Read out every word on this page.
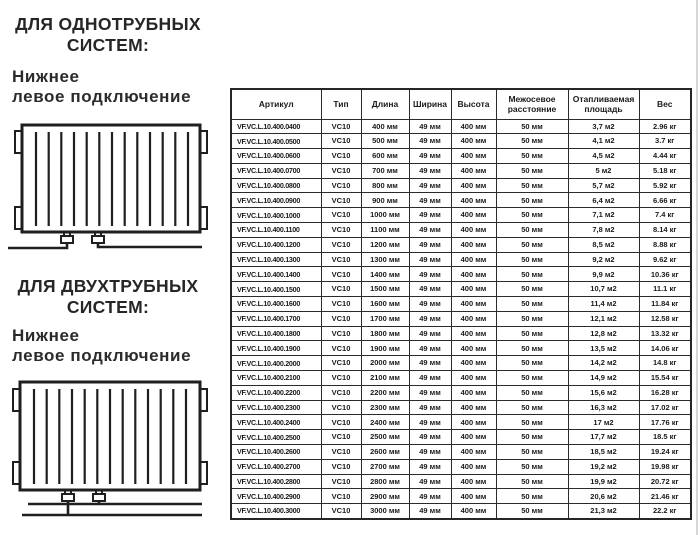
ДЛЯ ОДНОТРУБНЫХ
СИСТЕМ:
Нижнее
левое подключение
ДЛЯ ДВУХТРУБНЫХ
СИСТЕМ:
Нижнее
левое подключение
Артикул	Тип	Длина	Ширина	Высота	Межосевое расстояние	Отапливаемая площадь	Вес
VF.VC.L.10.400.0400	VC10	400 мм	49 мм	400 мм	50 мм	3,7 м2	2.96 кг
VF.VC.L.10.400.0500	VC10	500 мм	49 мм	400 мм	50 мм	4,1 м2	3.7 кг
VF.VC.L.10.400.0600	VC10	600 мм	49 мм	400 мм	50 мм	4,5 м2	4.44 кг
VF.VC.L.10.400.0700	VC10	700 мм	49 мм	400 мм	50 мм	5 м2	5.18 кг
VF.VC.L.10.400.0800	VC10	800 мм	49 мм	400 мм	50 мм	5,7 м2	5.92 кг
VF.VC.L.10.400.0900	VC10	900 мм	49 мм	400 мм	50 мм	6,4 м2	6.66 кг
VF.VC.L.10.400.1000	VC10	1000 мм	49 мм	400 мм	50 мм	7,1 м2	7.4 кг
VF.VC.L.10.400.1100	VC10	1100 мм	49 мм	400 мм	50 мм	7,8 м2	8.14 кг
VF.VC.L.10.400.1200	VC10	1200 мм	49 мм	400 мм	50 мм	8,5 м2	8.88 кг
VF.VC.L.10.400.1300	VC10	1300 мм	49 мм	400 мм	50 мм	9,2 м2	9.62 кг
VF.VC.L.10.400.1400	VC10	1400 мм	49 мм	400 мм	50 мм	9,9 м2	10.36 кг
VF.VC.L.10.400.1500	VC10	1500 мм	49 мм	400 мм	50 мм	10,7 м2	11.1 кг
VF.VC.L.10.400.1600	VC10	1600 мм	49 мм	400 мм	50 мм	11,4 м2	11.84 кг
VF.VC.L.10.400.1700	VC10	1700 мм	49 мм	400 мм	50 мм	12,1 м2	12.58 кг
VF.VC.L.10.400.1800	VC10	1800 мм	49 мм	400 мм	50 мм	12,8 м2	13.32 кг
VF.VC.L.10.400.1900	VC10	1900 мм	49 мм	400 мм	50 мм	13,5 м2	14.06 кг
VF.VC.L.10.400.2000	VC10	2000 мм	49 мм	400 мм	50 мм	14,2 м2	14.8 кг
VF.VC.L.10.400.2100	VC10	2100 мм	49 мм	400 мм	50 мм	14,9 м2	15.54 кг
VF.VC.L.10.400.2200	VC10	2200 мм	49 мм	400 мм	50 мм	15,6 м2	16.28 кг
VF.VC.L.10.400.2300	VC10	2300 мм	49 мм	400 мм	50 мм	16,3 м2	17.02 кг
VF.VC.L.10.400.2400	VC10	2400 мм	49 мм	400 мм	50 мм	17 м2	17.76 кг
VF.VC.L.10.400.2500	VC10	2500 мм	49 мм	400 мм	50 мм	17,7 м2	18.5 кг
VF.VC.L.10.400.2600	VC10	2600 мм	49 мм	400 мм	50 мм	18,5 м2	19.24 кг
VF.VC.L.10.400.2700	VC10	2700 мм	49 мм	400 мм	50 мм	19,2 м2	19.98 кг
VF.VC.L.10.400.2800	VC10	2800 мм	49 мм	400 мм	50 мм	19,9 м2	20.72 кг
VF.VC.L.10.400.2900	VC10	2900 мм	49 мм	400 мм	50 мм	20,6 м2	21.46 кг
VF.VC.L.10.400.3000	VC10	3000 мм	49 мм	400 мм	50 мм	21,3 м2	22.2 кг
